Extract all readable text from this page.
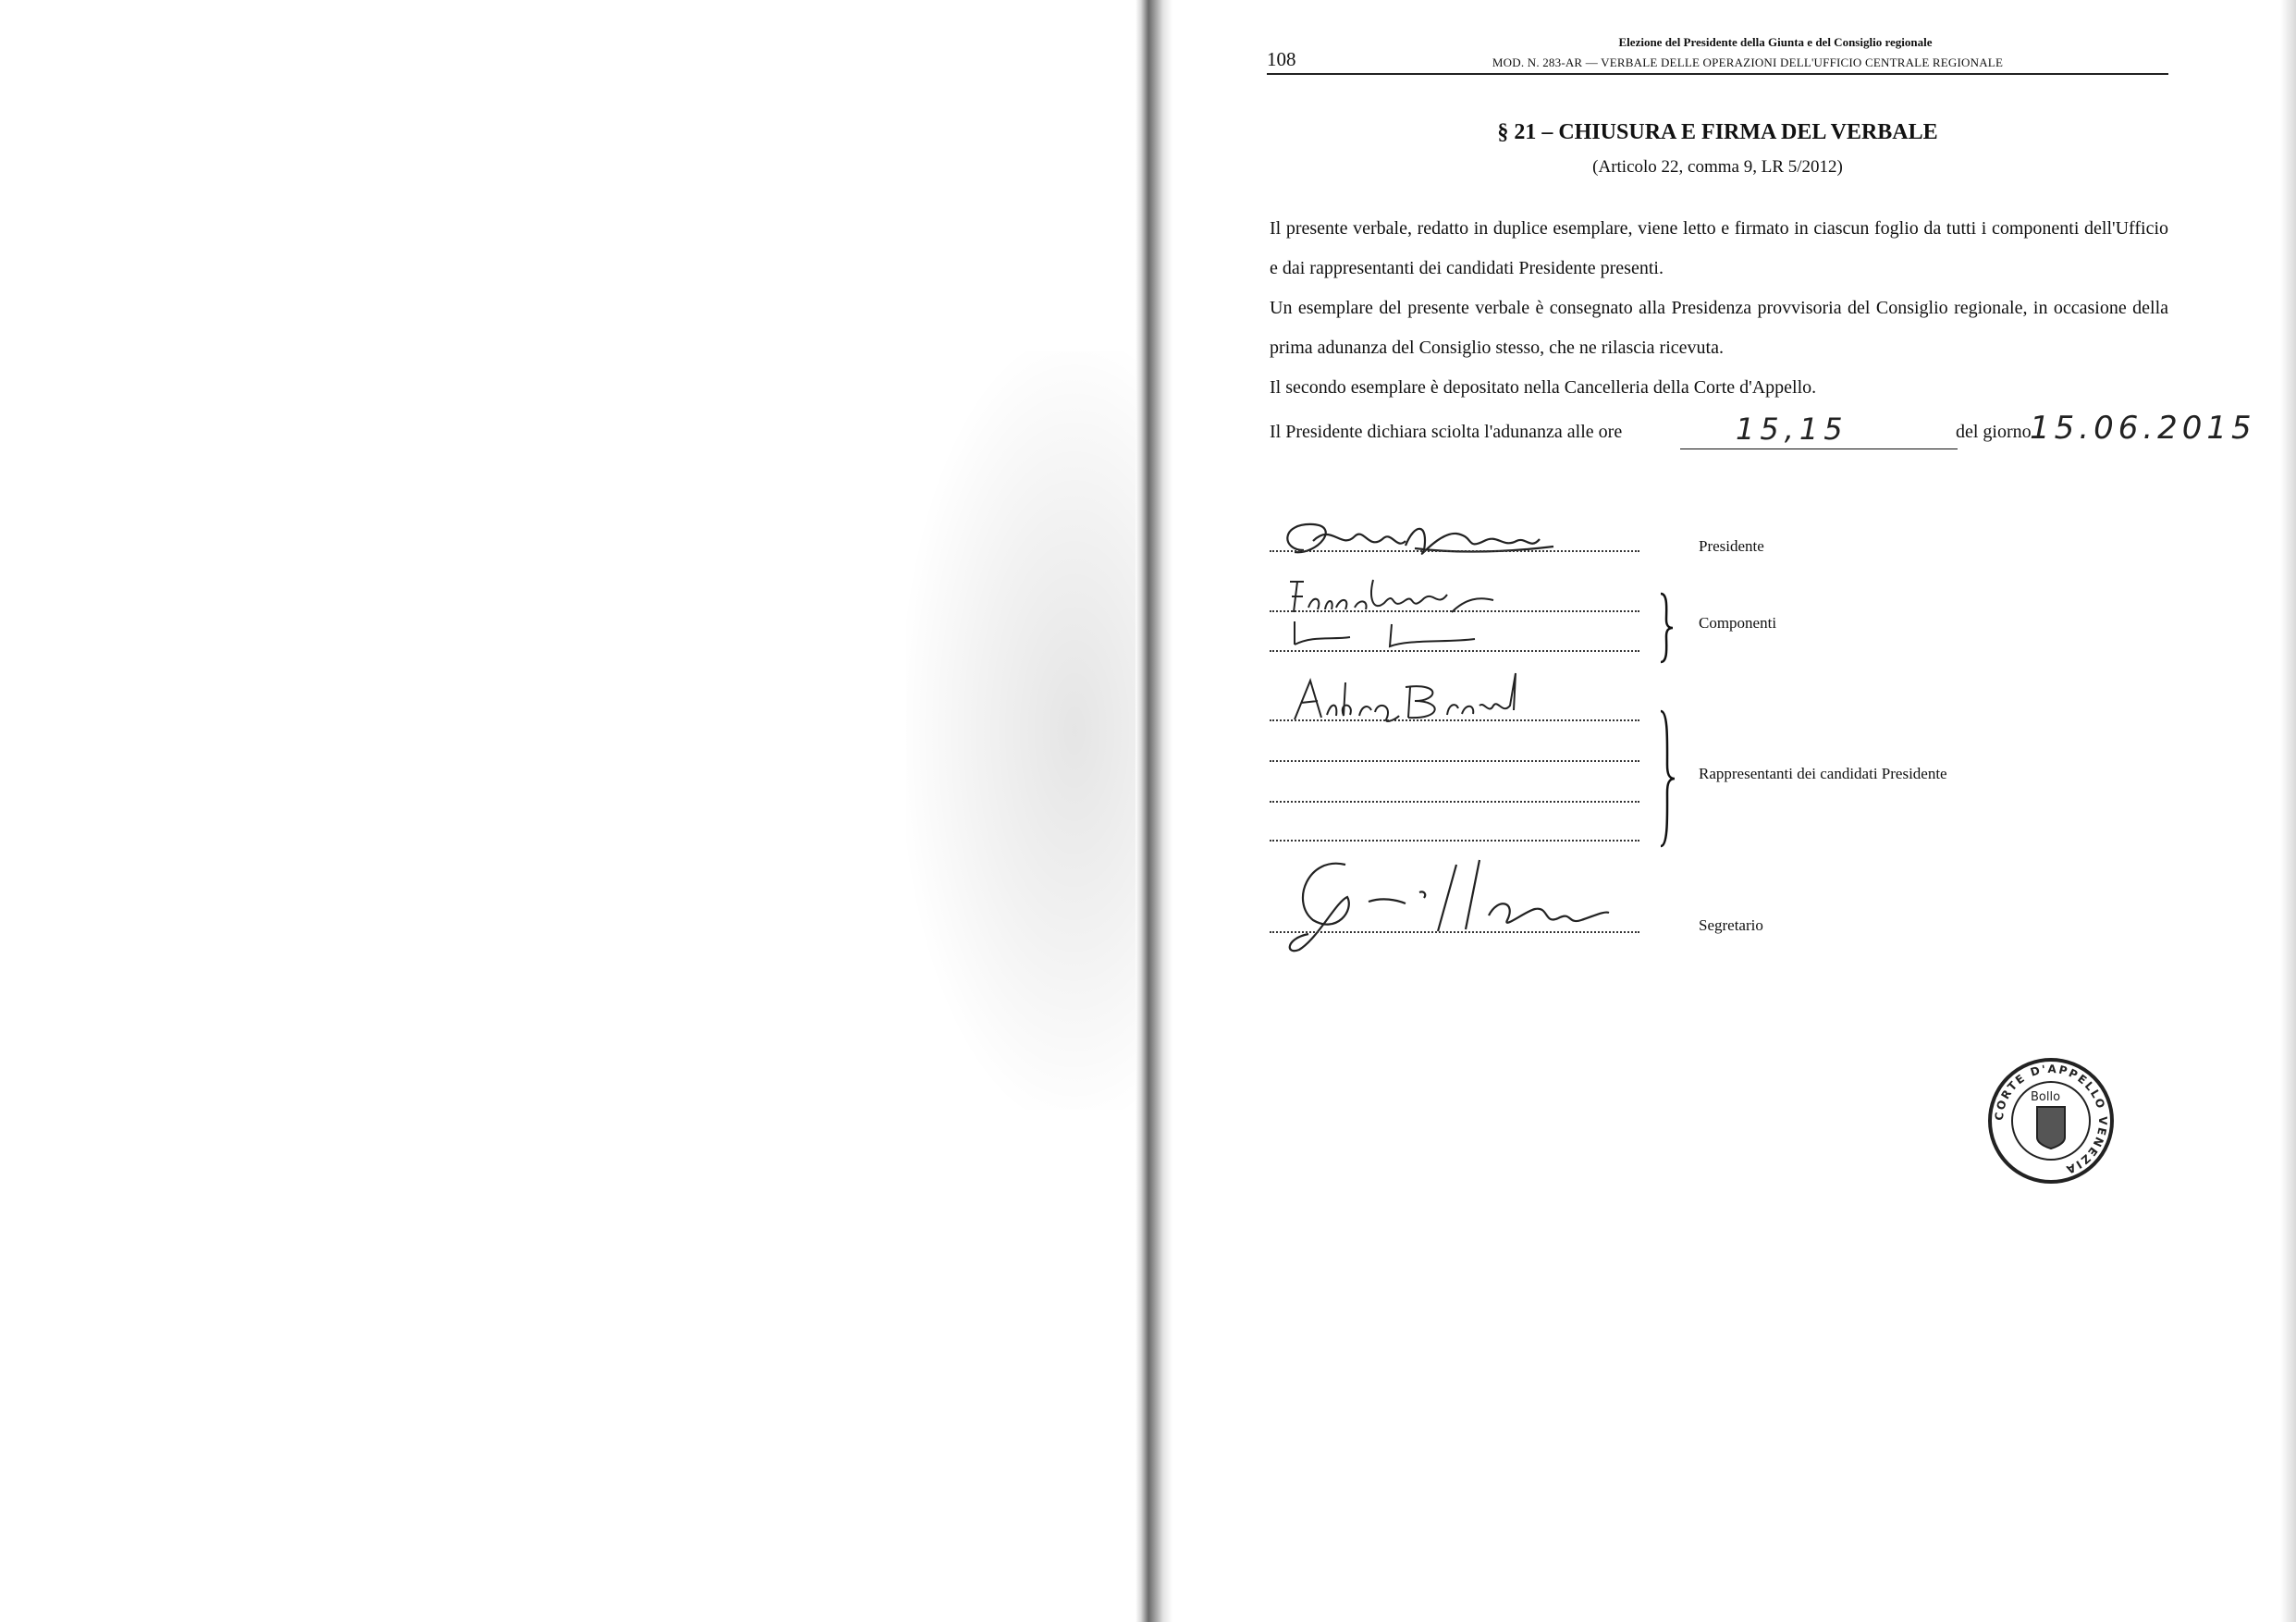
Elezione del Presidente della Giunta e del Consiglio regionale
108	MOD. N. 283-AR — VERBALE DELLE OPERAZIONI DELL'UFFICIO CENTRALE REGIONALE
§ 21 – CHIUSURA E FIRMA DEL VERBALE
(Articolo 22, comma 9, LR 5/2012)

Il presente verbale, redatto in duplice esemplare, viene letto e firmato in ciascun foglio da tutti i componenti dell'Ufficio e dai rappresentanti dei candidati Presidente presenti.

Un esemplare del presente verbale è consegnato alla Presidenza provvisoria del Consiglio regionale, in occasione della prima adunanza del Consiglio stesso, che ne rilascia ricevuta.

Il secondo esemplare è depositato nella Cancelleria della Corte d'Appello.

Il Presidente dichiara sciolta l'adunanza alle ore	15,15	del giorno
15.06.2015
Presidente
Componenti
Rappresentanti dei candidati Presidente
Segretario
CORTE D'APPELLO VENEZIA
Bollo
